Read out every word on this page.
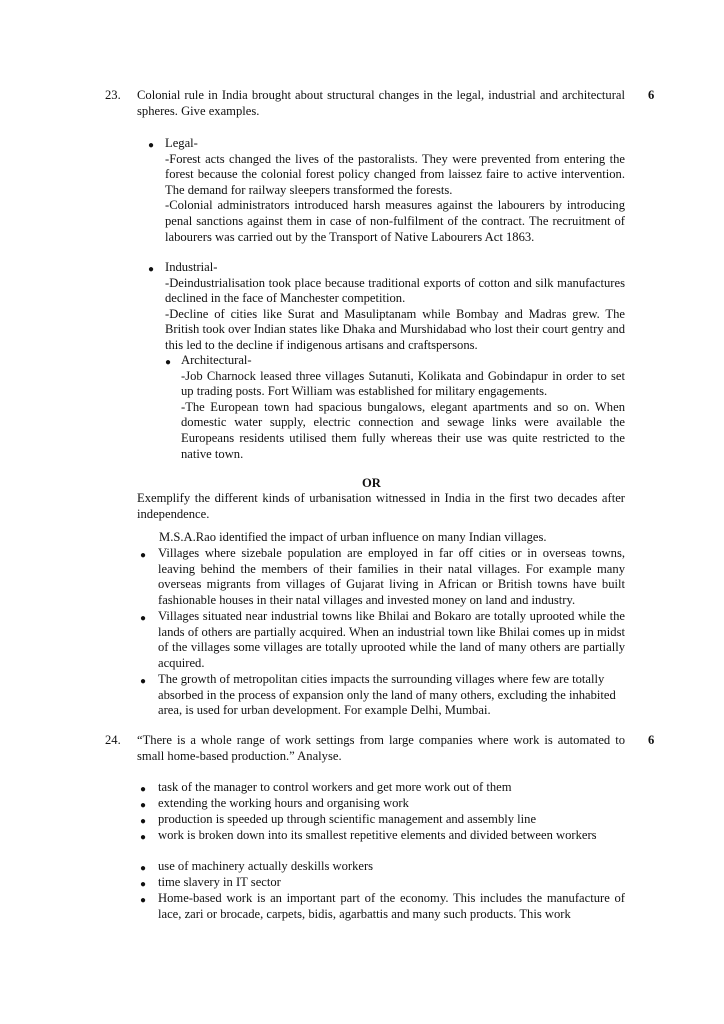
23. Colonial rule in India brought about structural changes in the legal, industrial and architectural spheres. Give examples.
6
● Legal-
-Forest acts changed the lives of the pastoralists. They were prevented from entering the forest because the colonial forest policy changed from laissez faire to active intervention. The demand for railway sleepers transformed the forests.
-Colonial administrators introduced harsh measures against the labourers by introducing penal sanctions against them in case of non-fulfilment of the contract. The recruitment of labourers was carried out by the Transport of Native Labourers Act 1863.
● Industrial-
-Deindustrialisation took place because traditional exports of cotton and silk manufactures declined in the face of Manchester competition.
-Decline of cities like Surat and Masuliptanam while Bombay and Madras grew. The British took over Indian states like Dhaka and Murshidabad who lost their court gentry and this led to the decline if indigenous artisans and craftspersons.
● Architectural-
-Job Charnock leased three villages Sutanuti, Kolikata and Gobindapur in order to set up trading posts. Fort William was established for military engagements.
-The European town had spacious bungalows, elegant apartments and so on. When domestic water supply, electric connection and sewage links were available the Europeans residents utilised them fully whereas their use was quite restricted to the native town.
OR
Exemplify the different kinds of urbanisation witnessed in India in the first two decades after independence.
M.S.A.Rao identified the impact of urban influence on many Indian villages.
● Villages where sizebale population are employed in far off cities or in overseas towns, leaving behind the members of their families in their natal villages. For example many overseas migrants from villages of Gujarat living in African or British towns have built fashionable houses in their natal villages and invested money on land and industry.
● Villages situated near industrial towns like Bhilai and Bokaro are totally uprooted while the lands of others are partially acquired. When an industrial town like Bhilai comes up in midst of the villages some villages are totally uprooted while the land of many others are partially acquired.
● The growth of metropolitan cities impacts the surrounding villages where few are totally absorbed in the process of expansion only the land of many others, excluding the inhabited area, is used for urban development. For example Delhi, Mumbai.
24. “There is a whole range of work settings from large companies where work is automated to small home-based production.” Analyse.
6
● task of the manager to control workers and get more work out of them
● extending the working hours and organising work
● production is speeded up through scientific management and assembly line
● work is broken down into its smallest repetitive elements and divided between workers
● use of machinery actually deskills workers
● time slavery in IT sector
● Home-based work is an important part of the economy. This includes the manufacture of lace, zari or brocade, carpets, bidis, agarbattis and many such products. This work
